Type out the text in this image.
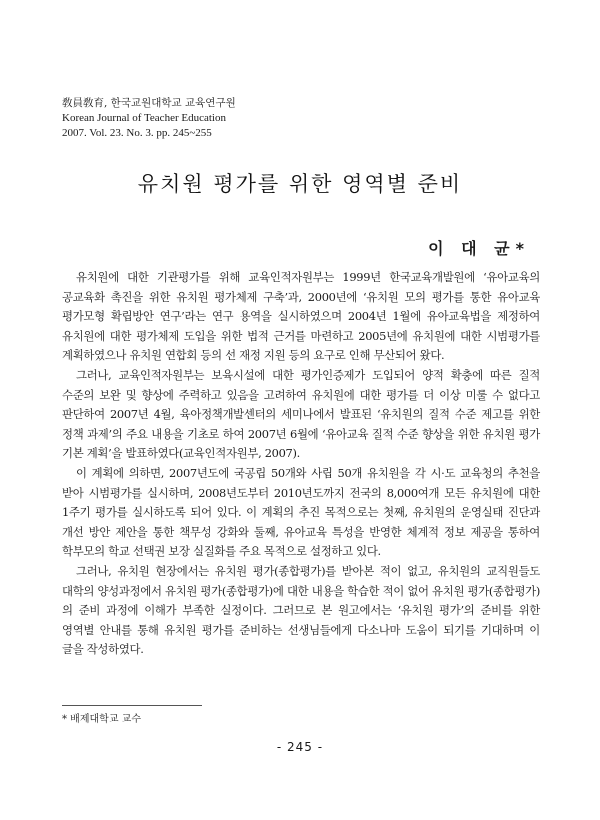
敎員敎育, 한국교원대학교 교육연구원
Korean Journal of Teacher Education
2007. Vol. 23. No. 3. pp. 245~255
유치원 평가를 위한 영역별 준비
이 대 균*

유치원에 대한 기관평가를 위해 교육인적자원부는 1999년 한국교육개발원에 ‘유아교육의 공교육화 촉진을 위한 유치원 평가체제 구축’과, 2000년에 ‘유치원 모의 평가를 통한 유아교육 평가모형 확립방안 연구’라는 연구 용역을 실시하였으며 2004년 1월에 유아교육법을 제정하여 유치원에 대한 평가체제 도입을 위한 법적 근거를 마련하고 2005년에 유치원에 대한 시범평가를 계획하였으나 유치원 연합회 등의 선 재정 지원 등의 요구로 인해 무산되어 왔다.

그러나, 교육인적자원부는 보육시설에 대한 평가인증제가 도입되어 양적 확충에 따른 질적 수준의 보완 및 향상에 주력하고 있음을 고려하여 유치원에 대한 평가를 더 이상 미룰 수 없다고 판단하여 2007년 4월, 육아정책개발센터의 세미나에서 발표된 ‘유치원의 질적 수준 제고를 위한 정책 과제’의 주요 내용을 기초로 하여 2007년 6월에 ‘유아교육 질적 수준 향상을 위한 유치원 평가 기본 계획’을 발표하였다(교육인적자원부, 2007).

이 계획에 의하면, 2007년도에 국공립 50개와 사립 50개 유치원을 각 시·도 교육청의 추천을 받아 시범평가를 실시하며, 2008년도부터 2010년도까지 전국의 8,000여개 모든 유치원에 대한 1주기 평가를 실시하도록 되어 있다. 이 계획의 추진 목적으로는 첫째, 유치원의 운영실태 진단과 개선 방안 제안을 통한 책무성 강화와 둘째, 유아교육 특성을 반영한 체계적 정보 제공을 통하여 학부모의 학교 선택권 보장 실질화를 주요 목적으로 설정하고 있다.

그러나, 유치원 현장에서는 유치원 평가(종합평가)를 받아본 적이 없고, 유치원의 교직원들도 대학의 양성과정에서 유치원 평가(종합평가)에 대한 내용을 학습한 적이 없어 유치원 평가(종합평가)의 준비 과정에 이해가 부족한 실정이다. 그러므로 본 원고에서는 ‘유치원 평가’의 준비를 위한 영역별 안내를 통해 유치원 평가를 준비하는 선생님들에게 다소나마 도움이 되기를 기대하며 이 글을 작성하였다.

* 배제대학교 교수
- 245 -
